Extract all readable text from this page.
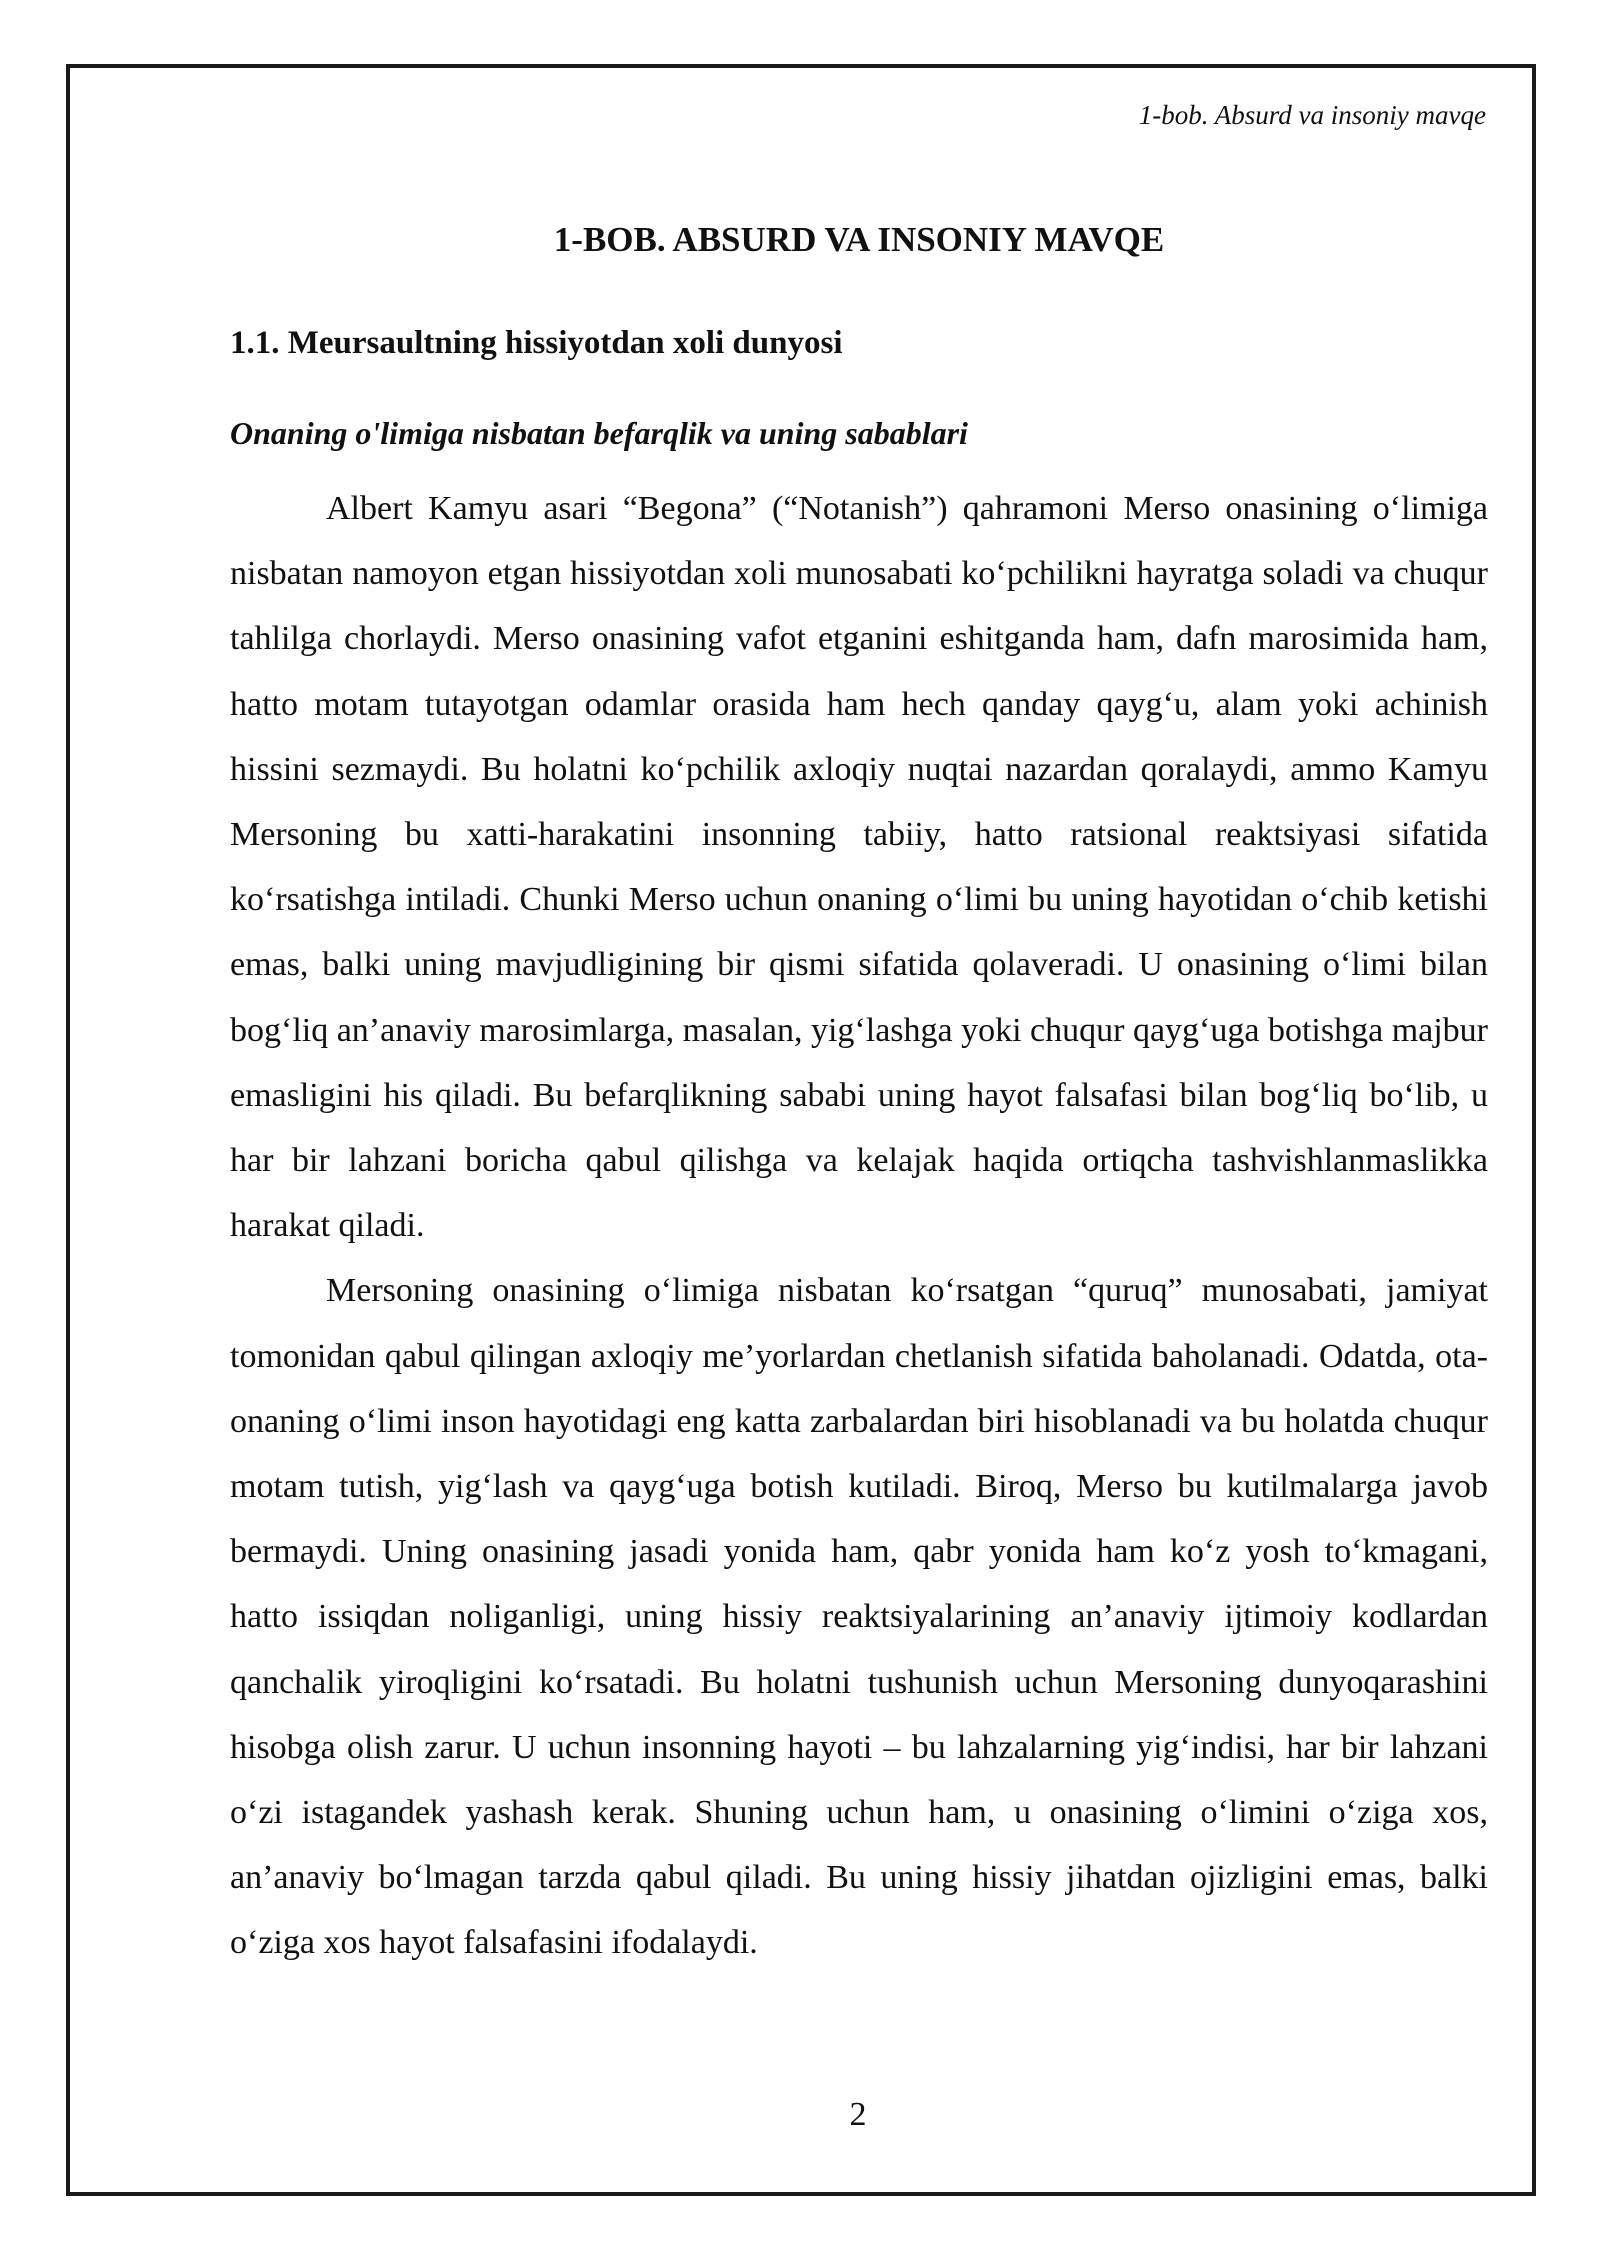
1-bob. Absurd va insoniy mavqe
1-BOB. ABSURD VA INSONIY MAVQE
1.1. Meursaultning hissiyotdan xoli dunyosi
Onaning o'limiga nisbatan befarqlik va uning sabablari

Albert Kamyu asari “Begona” (“Notanish”) qahramoni Merso onasining o‘limiga nisbatan namoyon etgan hissiyotdan xoli munosabati ko‘pchilikni hayratga soladi va chuqur tahlilga chorlaydi. Merso onasining vafot etganini eshitganda ham, dafn marosimida ham, hatto motam tutayotgan odamlar orasida ham hech qanday qayg‘u, alam yoki achinish hissini sezmaydi. Bu holatni ko‘pchilik axloqiy nuqtai nazardan qoralaydi, ammo Kamyu Mersoning bu xatti-harakatini insonning tabiiy, hatto ratsional reaktsiyasi sifatida ko‘rsatishga intiladi. Chunki Merso uchun onaning o‘limi bu uning hayotidan o‘chib ketishi emas, balki uning mavjudligining bir qismi sifatida qolaveradi. U onasining o‘limi bilan bog‘liq an’anaviy marosimlarga, masalan, yig‘lashga yoki chuqur qayg‘uga botishga majbur emasligini his qiladi. Bu befarqlikning sababi uning hayot falsafasi bilan bog‘liq bo‘lib, u har bir lahzani boricha qabul qilishga va kelajak haqida ortiqcha tashvishlanmaslikka harakat qiladi.

Mersoning onasining o‘limiga nisbatan ko‘rsatgan “quruq” munosabati, jamiyat tomonidan qabul qilingan axloqiy me’yorlardan chetlanish sifatida baholanadi. Odatda, ota-onaning o‘limi inson hayotidagi eng katta zarbalardan biri hisoblanadi va bu holatda chuqur motam tutish, yig‘lash va qayg‘uga botish kutiladi. Biroq, Merso bu kutilmalarga javob bermaydi. Uning onasining jasadi yonida ham, qabr yonida ham ko‘z yosh to‘kmagani, hatto issiqdan noliganligi, uning hissiy reaktsiyalarining an’anaviy ijtimoiy kodlardan qanchalik yiroqligini ko‘rsatadi. Bu holatni tushunish uchun Mersoning dunyoqarashini hisobga olish zarur. U uchun insonning hayoti – bu lahzalarning yig‘indisi, har bir lahzani o‘zi istagandek yashash kerak. Shuning uchun ham, u onasining o‘limini o‘ziga xos, an’anaviy bo‘lmagan tarzda qabul qiladi. Bu uning hissiy jihatdan ojizligini emas, balki o‘ziga xos hayot falsafasini ifodalaydi.

2
